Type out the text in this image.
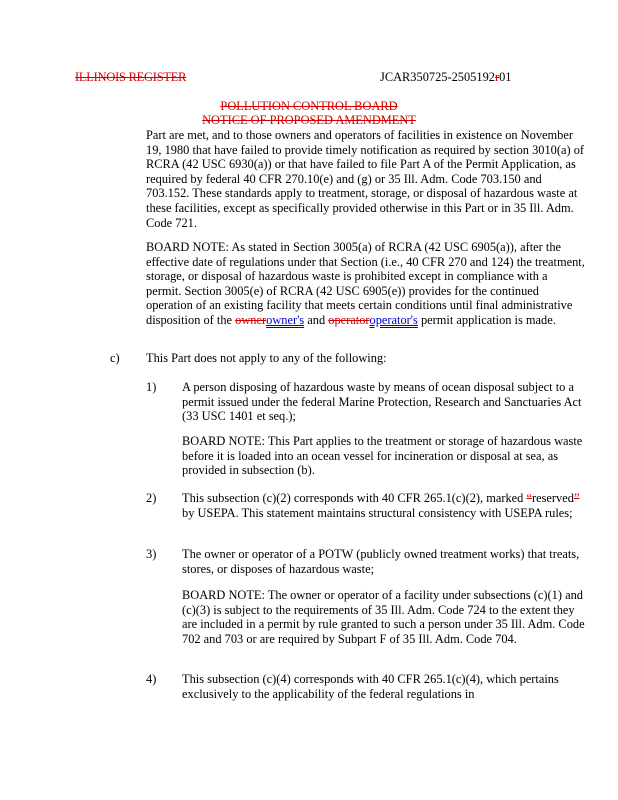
ILLINOIS REGISTER	JCAR350725-2505192r01
POLLUTION CONTROL BOARD
NOTICE OF PROPOSED AMENDMENT
Part are met, and to those owners and operators of facilities in existence on November 19, 1980 that have failed to provide timely notification as required by section 3010(a) of RCRA (42 USC 6930(a)) or that have failed to file Part A of the Permit Application, as required by federal 40 CFR 270.10(e) and (g) or 35 Ill. Adm. Code 703.150 and 703.152. These standards apply to treatment, storage, or disposal of hazardous waste at these facilities, except as specifically provided otherwise in this Part or in 35 Ill. Adm. Code 721.
BOARD NOTE: As stated in Section 3005(a) of RCRA (42 USC 6905(a)), after the effective date of regulations under that Section (i.e., 40 CFR 270 and 124) the treatment, storage, or disposal of hazardous waste is prohibited except in compliance with a permit. Section 3005(e) of RCRA (42 USC 6905(e)) provides for the continued operation of an existing facility that meets certain conditions until final administrative disposition of the ownerowner's and operatoroperator's permit application is made.
c) This Part does not apply to any of the following:
1) A person disposing of hazardous waste by means of ocean disposal subject to a permit issued under the federal Marine Protection, Research and Sanctuaries Act (33 USC 1401 et seq.);
BOARD NOTE: This Part applies to the treatment or storage of hazardous waste before it is loaded into an ocean vessel for incineration or disposal at sea, as provided in subsection (b).
2) This subsection (c)(2) corresponds with 40 CFR 265.1(c)(2), marked “reserved” by USEPA. This statement maintains structural consistency with USEPA rules;
3) The owner or operator of a POTW (publicly owned treatment works) that treats, stores, or disposes of hazardous waste;
BOARD NOTE: The owner or operator of a facility under subsections (c)(1) and (c)(3) is subject to the requirements of 35 Ill. Adm. Code 724 to the extent they are included in a permit by rule granted to such a person under 35 Ill. Adm. Code 702 and 703 or are required by Subpart F of 35 Ill. Adm. Code 704.
4) This subsection (c)(4) corresponds with 40 CFR 265.1(c)(4), which pertains exclusively to the applicability of the federal regulations in
